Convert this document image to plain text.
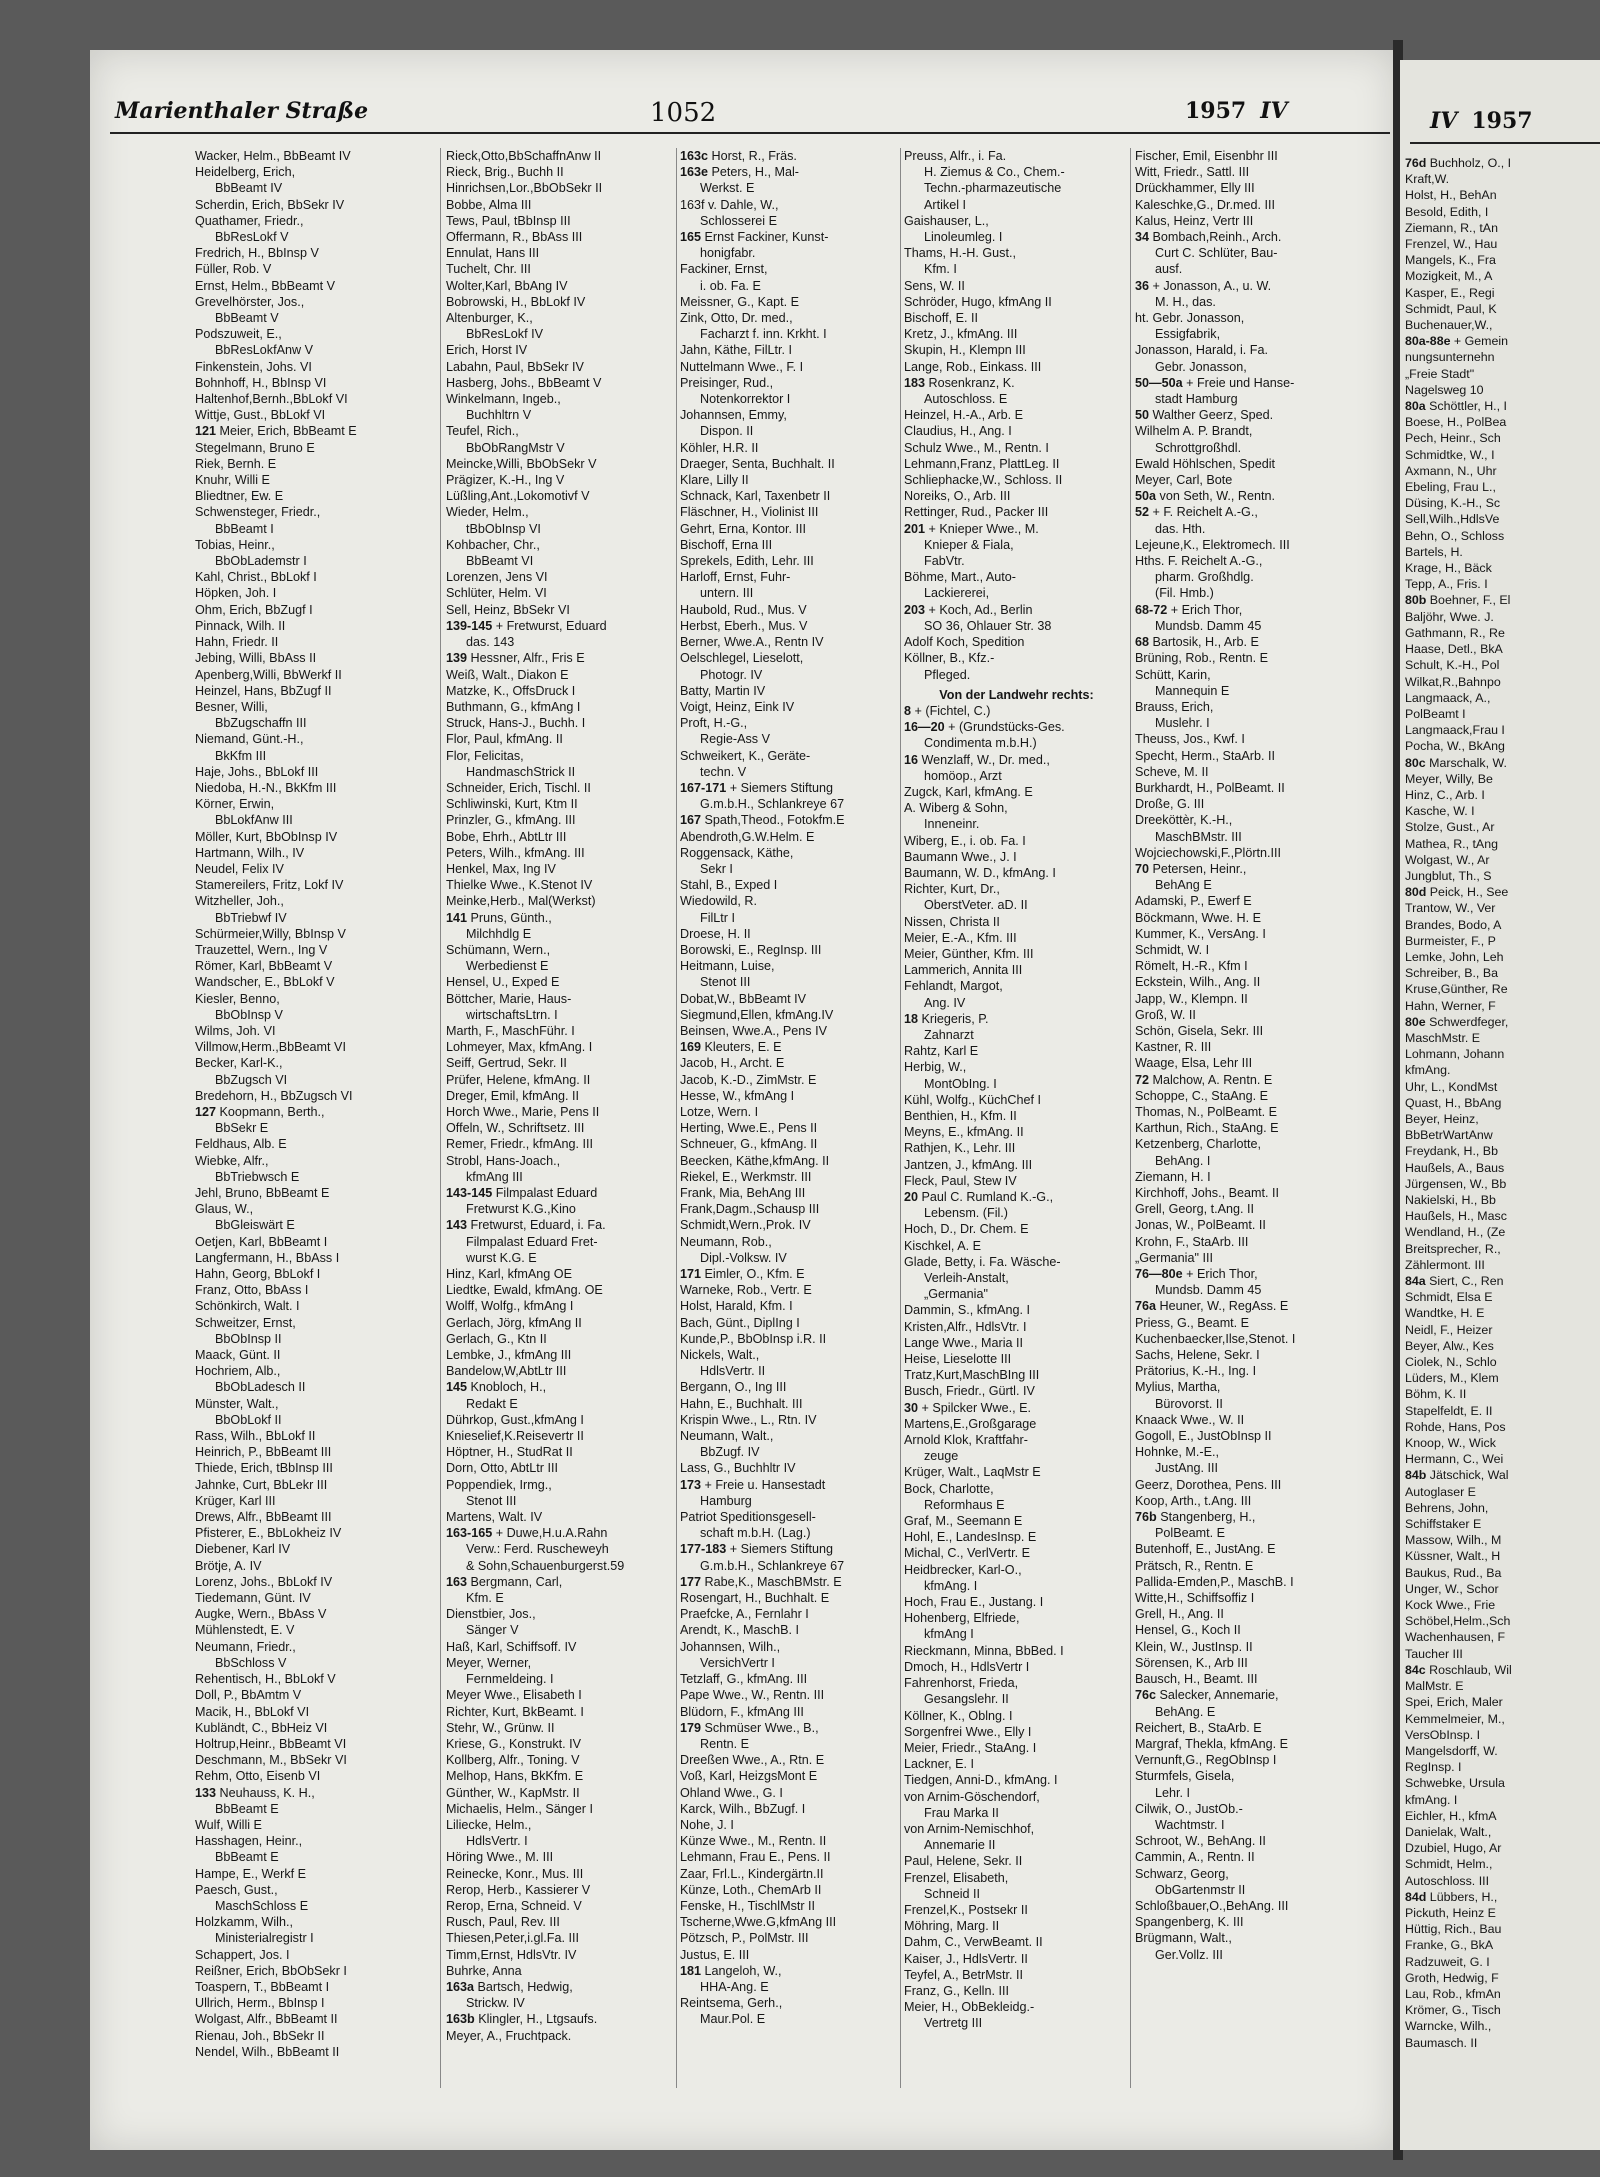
Marienthaler Straße	1052	1957 IV
Wacker, Helm., BbBeamt IV
Heidelberg, Erich,
BbBeamt IV
Scherdin, Erich, BbSekr IV
Quathamer, Friedr.,
BbResLokf V
Fredrich, H., BbInsp V
Füller, Rob. V
Ernst, Helm., BbBeamt V
Grevelhörster, Jos.,
BbBeamt V
Podszuweit, E.,
BbResLokfAnw V
Finkenstein, Johs. VI
Bohnhoff, H., BbInsp VI
Haltenhof,Bernh.,BbLokf VI
Wittje, Gust., BbLokf VI
121 Meier, Erich, BbBeamt E
Stegelmann, Bruno E
Riek, Bernh. E
Knuhr, Willi E
Bliedtner, Ew. E
Schwensteger, Friedr.,
BbBeamt I
Tobias, Heinr.,
BbObLademstr I
Kahl, Christ., BbLokf I
Höpken, Joh. I
Ohm, Erich, BbZugf I
Pinnack, Wilh. II
Hahn, Friedr. II
Jebing, Willi, BbAss II
Apenberg,Willi, BbWerkf II
Heinzel, Hans, BbZugf II
Besner, Willi,
BbZugschaffn III
Niemand, Günt.-H.,
BkKfm III
Haje, Johs., BbLokf III
Niedoba, H.-N., BkKfm III
Körner, Erwin,
BbLokfAnw III
Möller, Kurt, BbObInsp IV
Hartmann, Wilh., IV
Neudel, Felix IV
Stamereilers, Fritz, Lokf IV
Witzheller, Joh.,
BbTriebwf IV
Schürmeier,Willy, BbInsp V
Trauzettel, Wern., Ing V
Römer, Karl, BbBeamt V
Wandscher, E., BbLokf V
Kiesler, Benno,
BbObInsp V
Wilms, Joh. VI
Villmow,Herm.,BbBeamt VI
Becker, Karl-K.,
BbZugsch VI
Bredehorn, H., BbZugsch VI
127 Koopmann, Berth.,
BbSekr E
Feldhaus, Alb. E
Wiebke, Alfr.,
BbTriebwsch E
Jehl, Bruno, BbBeamt E
Glaus, W.,
BbGleiswärt E
Oetjen, Karl, BbBeamt I
Langfermann, H., BbAss I
Hahn, Georg, BbLokf I
Franz, Otto, BbAss I
Schönkirch, Walt. I
Schweitzer, Ernst,
BbObInsp II
Maack, Günt. II
Hochriem, Alb.,
BbObLadesch II
Münster, Walt.,
BbObLokf II
Rass, Wilh., BbLokf II
Heinrich, P., BbBeamt III
Thiede, Erich, tBbInsp III
Jahnke, Curt, BbLekr III
Krüger, Karl III
Drews, Alfr., BbBeamt III
Pfisterer, E., BbLokheiz IV
Diebener, Karl IV
Brötje, A. IV
Lorenz, Johs., BbLokf IV
Tiedemann, Günt. IV
Augke, Wern., BbAss V
Mühlenstedt, E. V
Neumann, Friedr.,
BbSchloss V
Rehentisch, H., BbLokf V
Doll, P., BbAmtm V
Macik, H., BbLokf VI
Kubländt, C., BbHeiz VI
Holtrup,Heinr., BbBeamt VI
Deschmann, M., BbSekr VI
Rehm, Otto, Eisenb VI
133 Neuhauss, K. H.,
BbBeamt E
Wulf, Willi E
Hasshagen, Heinr.,
BbBeamt E
Hampe, E., Werkf E
Paesch, Gust.,
MaschSchloss E
Holzkamm, Wilh.,
Ministerialregistr I
Schappert, Jos. I
Reißner, Erich, BbObSekr I
Toaspern, T., BbBeamt I
Ullrich, Herm., BbInsp I
Wolgast, Alfr., BbBeamt II
Rienau, Joh., BbSekr II
Nendel, Wilh., BbBeamt II
Rieck,Otto,BbSchaffnAnw II
Rieck, Brig., Buchh II
Hinrichsen,Lor.,BbObSekr II
Bobbe, Alma III
Tews, Paul, tBbInsp III
Offermann, R., BbAss III
Ennulat, Hans III
Tuchelt, Chr. III
Wolter,Karl, BbAng IV
Bobrowski, H., BbLokf IV
Altenburger, K.,
BbResLokf IV
Erich, Horst IV
Labahn, Paul, BbSekr IV
Hasberg, Johs., BbBeamt V
Winkelmann, Ingeb.,
Buchhltrn V
Teufel, Rich.,
BbObRangMstr V
Meincke,Willi, BbObSekr V
Prägizer, K.-H., Ing V
Lüßling,Ant.,Lokomotivf V
Wieder, Helm.,
tBbObInsp VI
Kohbacher, Chr.,
BbBeamt VI
Lorenzen, Jens VI
Schlüter, Helm. VI
Sell, Heinz, BbSekr VI
139-145 + Fretwurst, Eduard
das. 143
139 Hessner, Alfr., Fris E
Weiß, Walt., Diakon E
Matzke, K., OffsDruck I
Buthmann, G., kfmAng I
Struck, Hans-J., Buchh. I
Flor, Paul, kfmAng. II
Flor, Felicitas,
HandmaschStrick II
Schneider, Erich, Tischl. II
Schliwinski, Kurt, Ktm II
Prinzler, G., kfmAng. III
Bobe, Ehrh., AbtLtr III
Peters, Wilh., kfmAng. III
Henkel, Max, Ing IV
Thielke Wwe., K.Stenot IV
Meinke,Herb., Mal(Werkst)
141 Pruns, Günth.,
Milchhdlg E
Schümann, Wern.,
Werbedienst E
Hensel, U., Exped E
Böttcher, Marie, Haus-
wirtschaftsLtrn. I
Marth, F., MaschFühr. I
Lohmeyer, Max, kfmAng. I
Seiff, Gertrud, Sekr. II
Prüfer, Helene, kfmAng. II
Dreger, Emil, kfmAng. II
Horch Wwe., Marie, Pens II
Offeln, W., Schriftsetz. III
Remer, Friedr., kfmAng. III
Strobl, Hans-Joach.,
kfmAng III
143-145 Filmpalast Eduard
Fretwurst K.G.,Kino
143 Fretwurst, Eduard, i. Fa.
Filmpalast Eduard Fret-
wurst K.G. E
Hinz, Karl, kfmAng OE
Liedtke, Ewald, kfmAng. OE
Wolff, Wolfg., kfmAng I
Gerlach, Jörg, kfmAng II
Gerlach, G., Ktn II
Lembke, J., kfmAng III
Bandelow,W,AbtLtr III
145 Knobloch, H.,
Redakt E
Dührkop, Gust.,kfmAng I
Knieselief,K.Reisevertr II
Höptner, H., StudRat II
Dorn, Otto, AbtLtr III
Poppendiek, Irmg.,
Stenot III
Martens, Walt. IV
163-165 + Duwe,H.u.A.Rahn
Verw.: Ferd. Ruscheweyh
& Sohn,Schauenburgerst.59
163 Bergmann, Carl,
Kfm. E
Dienstbier, Jos.,
Sänger V
Haß, Karl, Schiffsoff. IV
Meyer, Werner,
Fernmeldeing. I
Meyer Wwe., Elisabeth I
Richter, Kurt, BkBeamt. I
Stehr, W., Grünw. II
Kriese, G., Konstrukt. IV
Kollberg, Alfr., Toning. V
Melhop, Hans, BkKfm. E
Günther, W., KapMstr. II
Michaelis, Helm., Sänger I
Liliecke, Helm.,
HdlsVertr. I
Höring Wwe., M. III
Reinecke, Konr., Mus. III
Rerop, Herb., Kassierer V
Rerop, Erna, Schneid. V
Rusch, Paul, Rev. III
Thiesen,Peter,i.gl.Fa. III
Timm,Ernst, HdlsVtr. IV
Buhrke, Anna
163a Bartsch, Hedwig,
Strickw. IV
163b Klingler, H., Ltgsaufs.
Meyer, A., Fruchtpack.
163c Horst, R., Fräs.
163e Peters, H., Mal-
Werkst. E
163f v. Dahle, W.,
Schlosserei E
165 Ernst Fackiner, Kunst-
honigfabr.
Fackiner, Ernst,
i. ob. Fa. E
Meissner, G., Kapt. E
Zink, Otto, Dr. med.,
Facharzt f. inn. Krkht. I
Jahn, Käthe, FilLtr. I
Nuttelmann Wwe., F. I
Preisinger, Rud.,
Notenkorrektor I
Johannsen, Emmy,
Dispon. II
Köhler, H.R. II
Draeger, Senta, Buchhalt. II
Klare, Lilly II
Schnack, Karl, Taxenbetr II
Fläschner, H., Violinist III
Gehrt, Erna, Kontor. III
Bischoff, Erna III
Sprekels, Edith, Lehr. III
Harloff, Ernst, Fuhr-
untern. III
Haubold, Rud., Mus. V
Herbst, Eberh., Mus. V
Berner, Wwe.A., Rentn IV
Oelschlegel, Lieselott,
Photogr. IV
Batty, Martin IV
Voigt, Heinz, Eink IV
Proft, H.-G.,
Regie-Ass V
Schweikert, K., Geräte-
techn. V
167-171 + Siemers Stiftung
G.m.b.H., Schlankreye 67
167 Spath,Theod., Fotokfm.E
Abendroth,G.W.Helm. E
Roggensack, Käthe,
Sekr I
Stahl, B., Exped I
Wiedowild, R.
FilLtr I
Droese, H. II
Borowski, E., RegInsp. III
Heitmann, Luise,
Stenot III
Dobat,W., BbBeamt IV
Siegmund,Ellen, kfmAng.IV
Beinsen, Wwe.A., Pens IV
169 Kleuters, E. E
Jacob, H., Archt. E
Jacob, K.-D., ZimMstr. E
Hesse, W., kfmAng I
Lotze, Wern. I
Herting, Wwe.E., Pens II
Schneuer, G., kfmAng. II
Beecken, Käthe,kfmAng. II
Riekel, E., Werkmstr. III
Frank, Mia, BehAng III
Frank,Dagm.,Schausp III
Schmidt,Wern.,Prok. IV
Neumann, Rob.,
Dipl.-Volksw. IV
171 Eimler, O., Kfm. E
Warneke, Rob., Vertr. E
Holst, Harald, Kfm. I
Bach, Günt., DiplIng I
Kunde,P., BbObInsp i.R. II
Nickels, Walt.,
HdlsVertr. II
Bergann, O., Ing III
Hahn, E., Buchhalt. III
Krispin Wwe., L., Rtn. IV
Neumann, Walt.,
BbZugf. IV
Lass, G., Buchhltr IV
173 + Freie u. Hansestadt
Hamburg
Patriot Speditionsgesell-
schaft m.b.H. (Lag.)
177-183 + Siemers Stiftung
G.m.b.H., Schlankreye 67
177 Rabe,K., MaschBMstr. E
Rosengart, H., Buchhalt. E
Praefcke, A., Fernlahr I
Arendt, K., MaschB. I
Johannsen, Wilh.,
VersichVertr I
Tetzlaff, G., kfmAng. III
Pape Wwe., W., Rentn. III
Blüdorn, F., kfmAng III
179 Schmüser Wwe., B.,
Rentn. E
Dreeßen Wwe., A., Rtn. E
Voß, Karl, HeizgsMont E
Ohland Wwe., G. I
Karck, Wilh., BbZugf. I
Nohe, J. I
Künze Wwe., M., Rentn. II
Lehmann, Frau E., Pens. II
Zaar, Frl.L., Kindergärtn.II
Künze, Loth., ChemArb II
Fenske, H., TischlMstr II
Tscherne,Wwe.G,kfmAng III
Pötzsch, P., PolMstr. III
Justus, E. III
181 Langeloh, W.,
HHA-Ang. E
Reintsema, Gerh.,
Maur.Pol. E
Preuss, Alfr., i. Fa.
H. Ziemus & Co., Chem.-
Techn.-pharmazeutische
Artikel I
Gaishauser, L.,
Linoleumleg. I
Thams, H.-H. Gust.,
Kfm. I
Sens, W. II
Schröder, Hugo, kfmAng II
Bischoff, E. II
Kretz, J., kfmAng. III
Skupin, H., Klempn III
Lange, Rob., Einkass. III
183 Rosenkranz, K.
Autoschloss. E
Heinzel, H.-A., Arb. E
Claudius, H., Ang. I
Schulz Wwe., M., Rentn. I
Lehmann,Franz, PlattLeg. II
Schliephacke,W., Schloss. II
Noreiks, O., Arb. III
Rettinger, Rud., Packer III
201 + Knieper Wwe., M.
Knieper & Fiala,
FabVtr.
Böhme, Mart., Auto-
Lackiererei,
203 + Koch, Ad., Berlin
SO 36, Ohlauer Str. 38
Adolf Koch, Spedition
Köllner, B., Kfz.-
Pfleged.
Von der Landwehr rechts:
8 + (Fichtel, C.)
16—20 + (Grundstücks-Ges.
Condimenta m.b.H.)
16 Wenzlaff, W., Dr. med.,
homöop., Arzt
Zugck, Karl, kfmAng. E
A. Wiberg & Sohn,
Inneneinr.
Wiberg, E., i. ob. Fa. I
Baumann Wwe., J. I
Baumann, W. D., kfmAng. I
Richter, Kurt, Dr.,
OberstVeter. aD. II
Nissen, Christa II
Meier, E.-A., Kfm. III
Meier, Günther, Kfm. III
Lammerich, Annita III
Fehlandt, Margot,
Ang. IV
18 Kriegeris, P.
Zahnarzt
Rahtz, Karl E
Herbig, W.,
MontObIng. I
Kühl, Wolfg., KüchChef I
Benthien, H., Kfm. II
Meyns, E., kfmAng. II
Rathjen, K., Lehr. III
Jantzen, J., kfmAng. III
Fleck, Paul, Stew IV
20 Paul C. Rumland K.-G.,
Lebensm. (Fil.)
Hoch, D., Dr. Chem. E
Kischkel, A. E
Glade, Betty, i. Fa. Wäsche-
Verleih-Anstalt,
„Germania"
Dammin, S., kfmAng. I
Kristen,Alfr., HdlsVtr. I
Lange Wwe., Maria II
Heise, Lieselotte III
Tratz,Kurt,MaschBIng III
Busch, Friedr., Gürtl. IV
30 + Spilcker Wwe., E.
Martens,E.,Großgarage
Arnold Klok, Kraftfahr-
zeuge
Krüger, Walt., LaqMstr E
Bock, Charlotte,
Reformhaus E
Graf, M., Seemann E
Hohl, E., LandesInsp. E
Michal, C., VerlVertr. E
Heidbrecker, Karl-O.,
kfmAng. I
Hoch, Frau E., Justang. I
Hohenberg, Elfriede,
kfmAng I
Rieckmann, Minna, BbBed. I
Dmoch, H., HdlsVertr I
Fahrenhorst, Frieda,
Gesangslehr. II
Köllner, K., Oblng. I
Sorgenfrei Wwe., Elly I
Meier, Friedr., StaAng. I
Lackner, E. I
Tiedgen, Anni-D., kfmAng. I
von Arnim-Göschendorf,
Frau Marka II
von Arnim-Nemischhof,
Annemarie II
Paul, Helene, Sekr. II
Frenzel, Elisabeth,
Schneid II
Frenzel,K., Postsekr II
Möhring, Marg. II
Dahm, C., VerwBeamt. II
Kaiser, J., HdlsVertr. II
Teyfel, A., BetrMstr. II
Franz, G., Kelln. III
Meier, H., ObBekleidg.-
Vertretg III
Fischer, Emil, Eisenbhr III
Witt, Friedr., Sattl. III
Drückhammer, Elly III
Kaleschke,G., Dr.med. III
Kalus, Heinz, Vertr III
34 Bombach,Reinh., Arch.
Curt C. Schlüter, Bau-
ausf.
36 + Jonasson, A., u. W.
M. H., das.
ht. Gebr. Jonasson,
Essigfabrik,
Jonasson, Harald, i. Fa.
Gebr. Jonasson,
50—50a + Freie und Hanse-
stadt Hamburg
50 Walther Geerz, Sped.
Wilhelm A. P. Brandt,
Schrottgroßhdl.
Ewald Höhlschen, Spedit
Meyer, Carl, Bote
50a von Seth, W., Rentn.
52 + F. Reichelt A.-G.,
das. Hth.
Lejeune,K., Elektromech. III
Hths. F. Reichelt A.-G.,
pharm. Großhdlg.
(Fil. Hmb.)
68-72 + Erich Thor,
Mundsb. Damm 45
68 Bartosik, H., Arb. E
Brüning, Rob., Rentn. E
Schütt, Karin,
Mannequin E
Brauss, Erich,
Muslehr. I
Theuss, Jos., Kwf. I
Specht, Herm., StaArb. II
Scheve, M. II
Burkhardt, H., PolBeamt. II
Droße, G. III
Dreeköttèr, K.-H.,
MaschBMstr. III
Wojciechowski,F.,Plörtn.III
70 Petersen, Heinr.,
BehAng E
Adamski, P., Ewerf E
Böckmann, Wwe. H. E
Kummer, K., VersAng. I
Schmidt, W. I
Römelt, H.-R., Kfm I
Eckstein, Wilh., Ang. II
Japp, W., Klempn. II
Groß, W. II
Schön, Gisela, Sekr. III
Kastner, R. III
Waage, Elsa, Lehr III
72 Malchow, A. Rentn. E
Schoppe, C., StaAng. E
Thomas, N., PolBeamt. E
Karthun, Rich., StaAng. E
Ketzenberg, Charlotte,
BehAng. I
Ziemann, H. I
Kirchhoff, Johs., Beamt. II
Grell, Georg, t.Ang. II
Jonas, W., PolBeamt. II
Krohn, F., StaArb. III
„Germania" III
76—80e + Erich Thor,
Mundsb. Damm 45
76a Heuner, W., RegAss. E
Priess, G., Beamt. E
Kuchenbaecker,Ilse,Stenot. I
Sachs, Helene, Sekr. I
Prätorius, K.-H., Ing. I
Mylius, Martha,
Bürovorst. II
Knaack Wwe., W. II
Gogoll, E., JustObInsp II
Hohnke, M.-E.,
JustAng. III
Geerz, Dorothea, Pens. III
Koop, Arth., t.Ang. III
76b Stangenberg, H.,
PolBeamt. E
Butenhoff, E., JustAng. E
Prätsch, R., Rentn. E
Pallida-Emden,P., MaschB. I
Witte,H., Schiffsoffiz I
Grell, H., Ang. II
Hensel, G., Koch II
Klein, W., JustInsp. II
Sörensen, K., Arb III
Bausch, H., Beamt. III
76c Salecker, Annemarie,
BehAng. E
Reichert, B., StaArb. E
Margraf, Thekla, kfmAng. E
Vernunft,G., RegObInsp I
Sturmfels, Gisela,
Lehr. I
Cilwik, O., JustOb.-
Wachtmstr. I
Schroot, W., BehAng. II
Cammin, A., Rentn. II
Schwarz, Georg,
ObGartenmstr II
Schloßbauer,O.,BehAng. III
Spangenberg, K. III
Brügmann, Walt.,
Ger.Vollz. III
IV 1957
76d Buchholz, O., I
Kraft,W.
Holst, H., BehAn
Besold, Edith, I
Ziemann, R., tAn
Frenzel, W., Hau
Mangels, K., Fra
Mozigkeit, M., A
Kasper, E., Regi
Schmidt, Paul, K
Buchenauer,W.,
80a-88e + Gemein
nungsunternehn
„Freie Stadt"
Nagelsweg 10
80a Schöttler, H., I
Boese, H., PolBea
Pech, Heinr., Sch
Schmidtke, W., I
Axmann, N., Uhr
Ebeling, Frau L.,
Düsing, K.-H., Sc
Sell,Wilh.,HdlsVe
Behn, O., Schloss
Bartels, H.
Krage, H., Bäck
Tepp, A., Fris. I
80b Boehner, F., El
Baljöhr, Wwe. J.
Gathmann, R., Re
Haase, Detl., BkA
Schult, K.-H., Pol
Wilkat,R.,Bahnpo
Langmaack, A.,
PolBeamt I
Langmaack,Frau I
Pocha, W., BkAng
80c Marschalk, W.
Meyer, Willy, Be
Hinz, C., Arb. I
Kasche, W. I
Stolze, Gust., Ar
Mathea, R., tAng
Wolgast, W., Ar
Jungblut, Th., S
80d Peick, H., See
Trantow, W., Ver
Brandes, Bodo, A
Burmeister, F., P
Lemke, John, Leh
Schreiber, B., Ba
Kruse,Günther, Re
Hahn, Werner, F
80e Schwerdfeger,
MaschMstr. E
Lohmann, Johann
kfmAng.
Uhr, L., KondMst
Quast, H., BbAng
Beyer, Heinz,
BbBetrWartAnw
Freydank, H., Bb
Haußels, A., Baus
Jürgensen, W., Bb
Nakielski, H., Bb
Haußels, H., Masc
Wendland, H., (Ze
Breitsprecher, R.,
Zählermont. III
84a Siert, C., Ren
Schmidt, Elsa E
Wandtke, H. E
Neidl, F., Heizer
Beyer, Alw., Kes
Ciolek, N., Schlo
Lüders, M., Klem
Böhm, K. II
Stapelfeldt, E. II
Rohde, Hans, Pos
Knoop, W., Wick
Hermann, C., Wei
84b Jätschick, Wal
Autoglaser E
Behrens, John,
Schiffstaker E
Massow, Wilh., M
Küssner, Walt., H
Baukus, Rud., Ba
Unger, W., Schor
Kock Wwe., Frie
Schöbel,Helm.,Sch
Wachenhausen, F
Taucher III
84c Roschlaub, Wil
MalMstr. E
Spei, Erich, Maler
Kemmelmeier, M.,
VersObInsp. I
Mangelsdorff, W.
RegInsp. I
Schwebke, Ursula
kfmAng. I
Eichler, H., kfmA
Danielak, Walt.,
Dzubiel, Hugo, Ar
Schmidt, Helm.,
Autoschloss. III
84d Lübbers, H.,
Pickuth, Heinz E
Hüttig, Rich., Bau
Franke, G., BkA
Radzuweit, G. I
Groth, Hedwig, F
Lau, Rob., kfmAn
Krömer, G., Tisch
Warncke, Wilh.,
Baumasch. II
